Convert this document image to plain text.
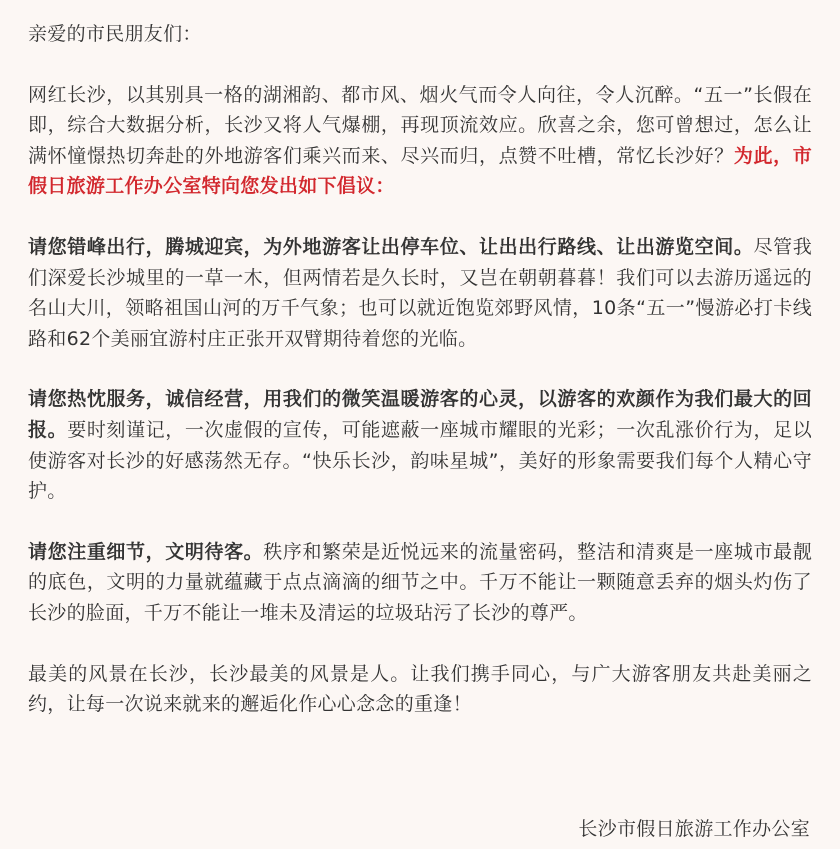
亲爱的市民朋友们：

网红长沙，以其别具一格的湖湘韵、都市风、烟火气而令人向往，令人沉醉。“五一”长假在即，综合大数据分析，长沙又将人气爆棚，再现顶流效应。欣喜之余，您可曾想过，怎么让满怀憧憬热切奔赴的外地游客们乘兴而来、尽兴而归，点赞不吐槽，常忆长沙好？为此，市假日旅游工作办公室特向您发出如下倡议：

请您错峰出行，腾城迎宾，为外地游客让出停车位、让出出行路线、让出游览空间。尽管我们深爱长沙城里的一草一木，但两情若是久长时，又岂在朝朝暮暮！我们可以去游历遥远的名山大川，领略祖国山河的万千气象；也可以就近饱览郊野风情，10条“五一”慢游必打卡线路和62个美丽宜游村庄正张开双臂期待着您的光临。

请您热忱服务，诚信经营，用我们的微笑温暖游客的心灵，以游客的欢颜作为我们最大的回报。要时刻谨记，一次虚假的宣传，可能遮蔽一座城市耀眼的光彩；一次乱涨价行为，足以使游客对长沙的好感荡然无存。“快乐长沙，韵味星城”，美好的形象需要我们每个人精心守护。

请您注重细节，文明待客。秩序和繁荣是近悦远来的流量密码，整洁和清爽是一座城市最靓的底色，文明的力量就蕴藏于点点滴滴的细节之中。千万不能让一颗随意丢弃的烟头灼伤了长沙的脸面，千万不能让一堆未及清运的垃圾玷污了长沙的尊严。

最美的风景在长沙，长沙最美的风景是人。让我们携手同心，与广大游客朋友共赴美丽之约，让每一次说来就来的邂逅化作心心念念的重逢！

长沙市假日旅游工作办公室
